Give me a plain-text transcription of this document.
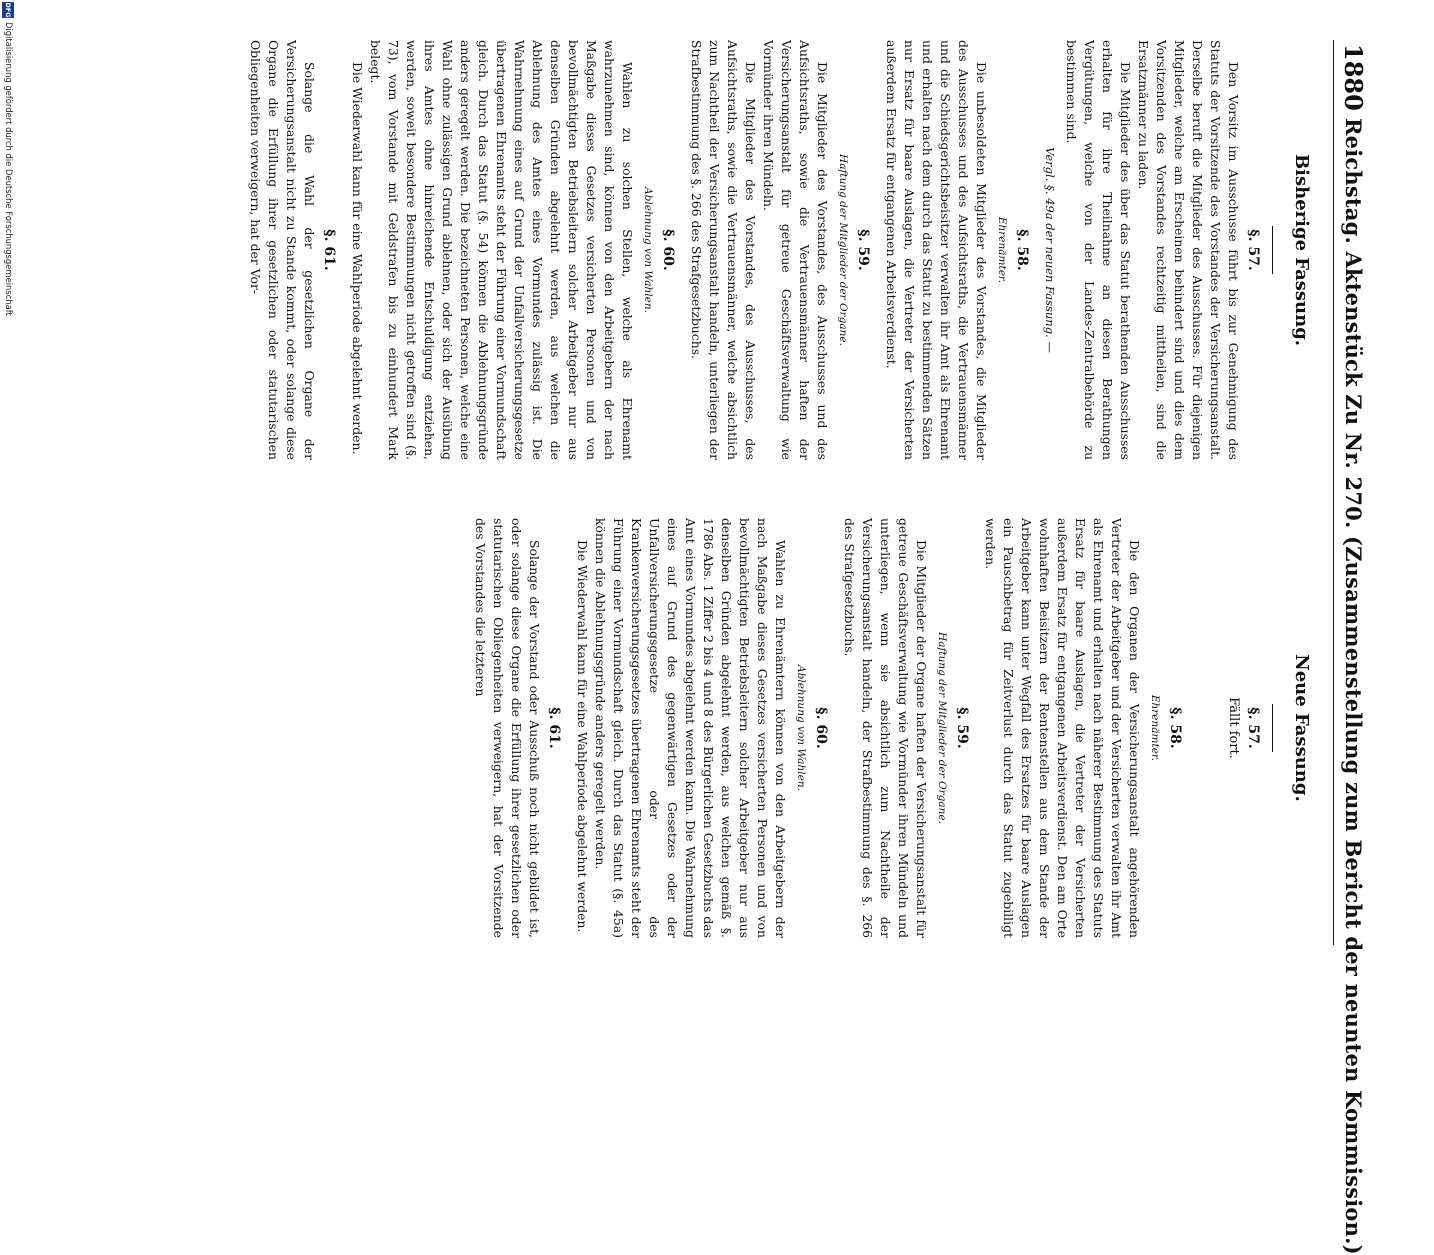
1880
Reichstag. Aktenstück Zu Nr. 270. (Zusammenstellung zum Bericht der neunten Kommission.)
Bisherige Fassung.
Neue Fassung.
§. 57.

Den Vorsitz im Ausschusse führt bis zur Genehmigung des Statuts der Vorsitzende des Vorstandes der Versicherungsanstalt. Derselbe beruft die Mitglieder des Ausschusses. Für diejenigen Mitglieder, welche am Erscheinen behindert sind und dies dem Vorsitzenden des Vorstandes rechtzeitig mittheilen, sind die Ersatzmänner zu laden.

Die Mitglieder des über das Statut berathenden Ausschusses erhalten für ihre Theilnahme an diesen Berathungen Vergütungen, welche von der Landes-Zentralbehörde zu bestimmen sind.

Vergl. §. 49a der neuen Fassung. —

§. 58.
Ehrenämter.

Die unbesoldeten Mitglieder des Vorstandes, die Mitglieder des Ausschusses und des Aufsichtsraths, die Vertrauensmänner und die Schiedsgerichtsbeisitzer verwalten ihr Amt als Ehrenamt und erhalten nach dem durch das Statut zu bestimmenden Sätzen nur Ersatz für baare Auslagen, die Vertreter der Versicherten außerdem Ersatz für entgangenen Arbeitsverdienst.

§. 59.
Haftung der Mitglieder der Organe.

Die Mitglieder des Vorstandes, des Ausschusses und des Aufsichtsraths, sowie die Vertrauensmänner haften der Versicherungsanstalt für getreue Geschäftsverwaltung wie Vormünder ihren Mündeln.

Die Mitglieder des Vorstandes, des Ausschusses, des Aufsichtsraths, sowie die Vertrauensmänner, welche absichtlich zum Nachtheil der Versicherungsanstalt handeln, unterliegen der Strafbestimmung des §. 266 des Strafgesetzbuchs.

§. 60.
Ablehnung von Wahlen.

Wahlen zu solchen Stellen, welche als Ehrenamt wahrzunehmen sind, können von den Arbeitgebern der nach Maßgabe dieses Gesetzes versicherten Personen und von bevollmächtigten Betriebsleitern solcher Arbeitgeber nur aus denselben Gründen abgelehnt werden, aus welchen die Ablehnung des Amtes eines Vormundes zulässig ist. Die Wahrnehmung eines auf Grund der Unfallversicherungsgesetze übertragenen Ehrenamts steht der Führung einer Vormundschaft gleich. Durch das Statut (§. 54) können die Ablehnungsgründe anders geregelt werden. Die bezeichneten Personen, welche eine Wahl ohne zulässigen Grund ablehnen, oder sich der Ausübung ihres Amtes ohne hinreichende Entschuldigung entziehen, werden, soweit besondere Bestimmungen nicht getroffen sind (§. 73), vom Vorstande mit Geldstrafen bis zu einhundert Mark belegt.

Die Wiederwahl kann für eine Wahlperiode abgelehnt werden.

§. 61.

Solange die Wahl der gesetzlichen Organe der Versicherungsanstalt nicht zu Stande kommt, oder solange diese Organe die Erfüllung ihrer gesetzlichen oder statutarischen Obliegenheiten verweigern, hat der Vor-

§. 57.
Fällt fort.
§. 58.
Ehrenämter.

Die den Organen der Versicherungsanstalt angehörenden Vertreter der Arbeitgeber und der Versicherten verwalten ihr Amt als Ehrenamt und erhalten nach näherer Bestimmung des Statuts Ersatz für baare Auslagen, die Vertreter der Versicherten außerdem Ersatz für entgangenen Arbeitsverdienst. Den am Orte wohnhaften Beisitzern der Rentenstellen aus dem Stande der Arbeitgeber kann unter Wegfall des Ersatzes für baare Auslagen ein Pauschbetrag für Zeitverlust durch das Statut zugebilligt werden.

§. 59.
Haftung der Mitglieder der Organe.

Die Mitglieder der Organe haften der Versicherungsanstalt für getreue Geschäftsverwaltung wie Vormünder ihren Mündeln und unterliegen, wenn sie absichtlich zum Nachtheile der Versicherungsanstalt handeln, der Strafbestimmung des §. 266 des Strafgesetzbuchs.

§. 60.
Ablehnung von Wahlen.

Wahlen zu Ehrenämtern können von den Arbeitgebern der nach Maßgabe dieses Gesetzes versicherten Personen und von bevollmächtigten Betriebsleitern solcher Arbeitgeber nur aus denselben Gründen abgelehnt werden, aus welchen gemäß §. 1786 Abs. 1 Ziffer 2 bis 4 und 8 des Bürgerlichen Gesetzbuchs das Amt eines Vormundes abgelehnt werden kann. Die Wahrnehmung eines auf Grund des gegenwärtigen Gesetzes oder der Unfallversicherungsgesetze oder des Krankenversicherungsgesetzes übertragenen Ehrenamts steht der Führung einer Vormundschaft gleich. Durch das Statut (§. 45a) können die Ablehnungsgründe anders geregelt werden.

Die Wiederwahl kann für eine Wahlperiode abgelehnt werden.

§. 61.

Solange der Vorstand oder Ausschuß noch nicht gebildet ist, oder solange diese Organe die Erfüllung ihrer gesetzlichen oder statutarischen Obliegenheiten verweigern, hat der Vorsitzende des Vorstandes die letzteren

DFG
Digitalisierung gefördert durch die Deutsche Forschungsgemeinschaft
